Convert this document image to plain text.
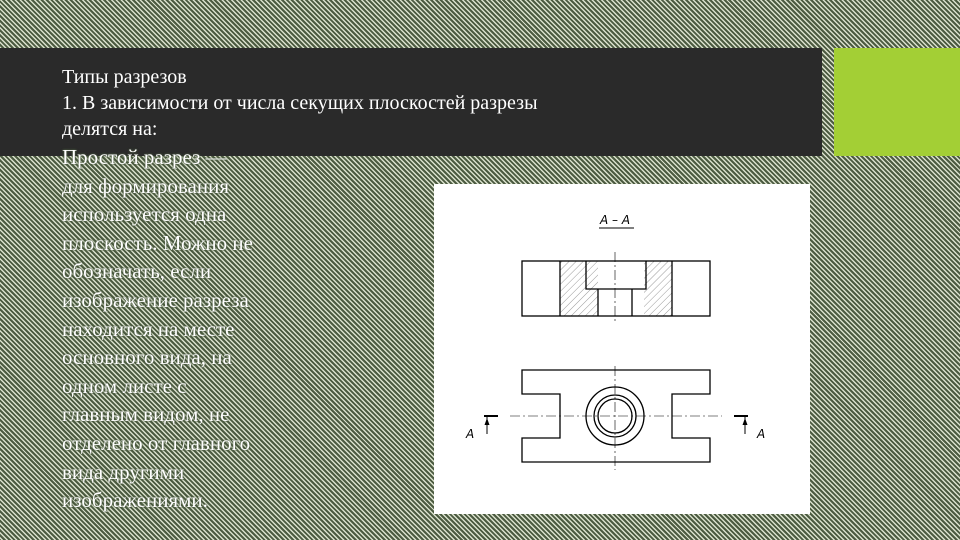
Типы разрезов
1. В зависимости от числа секущих плоскостей разрезы
делятся на:
Простой разрез —
для формирования
используется одна
плоскость. Можно не
обозначать, если
изображение разреза
находится на месте
основного вида, на
одном листе с
главным видом, не
отделено от главного
вида другими
изображениями.
А – А
А	А
